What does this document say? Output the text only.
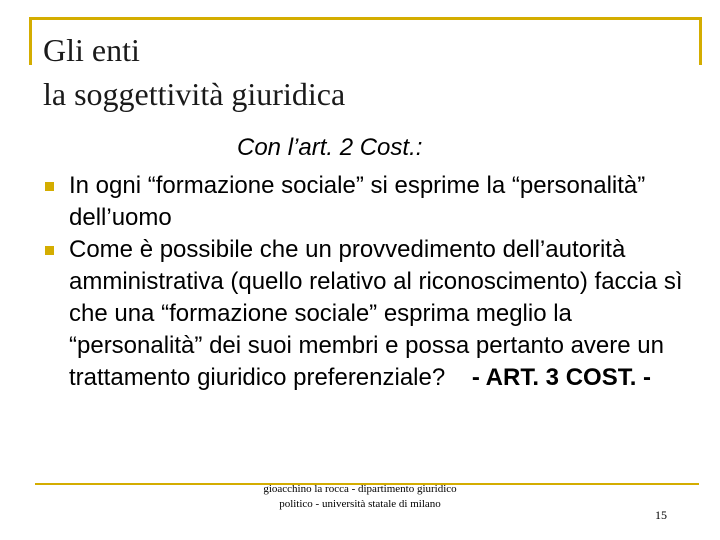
Gli enti
la soggettività giuridica
Con l’art. 2 Cost.:
In ogni “formazione sociale” si esprime la “personalità” dell’uomo
Come è possibile che un provvedimento dell’autorità amministrativa (quello relativo al riconoscimento) faccia sì che una “formazione sociale” esprima meglio la “personalità” dei suoi membri e possa pertanto avere un trattamento giuridico preferenziale? - ART. 3 COST. -
gioacchino la rocca - dipartimento giuridico politico - università statale di milano
15
